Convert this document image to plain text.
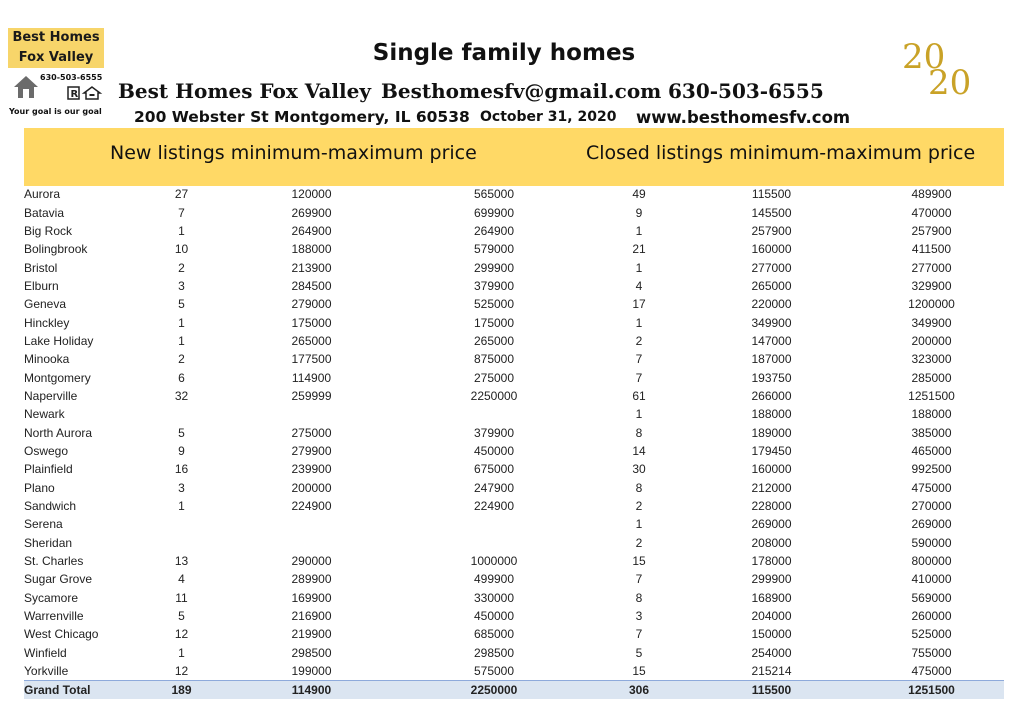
Best Homes
Fox Valley
630-503-6555
R
Your goal is our goal
Single family homes
Best Homes Fox Valley Besthomesfv@gmail.com 630-503-6555
200 Webster St Montgomery, IL 60538 October 31, 2020 www.besthomesfv.com
20
20
New listings minimum-maximum price	Closed listings minimum-maximum price
Aurora	27	120000	565000	49	115500	489900
Batavia	7	269900	699900	9	145500	470000
Big Rock	1	264900	264900	1	257900	257900
Bolingbrook	10	188000	579000	21	160000	411500
Bristol	2	213900	299900	1	277000	277000
Elburn	3	284500	379900	4	265000	329900
Geneva	5	279000	525000	17	220000	1200000
Hinckley	1	175000	175000	1	349900	349900
Lake Holiday	1	265000	265000	2	147000	200000
Minooka	2	177500	875000	7	187000	323000
Montgomery	6	114900	275000	7	193750	285000
Naperville	32	259999	2250000	61	266000	1251500
Newark				1	188000	188000
North Aurora	5	275000	379900	8	189000	385000
Oswego	9	279900	450000	14	179450	465000
Plainfield	16	239900	675000	30	160000	992500
Plano	3	200000	247900	8	212000	475000
Sandwich	1	224900	224900	2	228000	270000
Serena				1	269000	269000
Sheridan				2	208000	590000
St. Charles	13	290000	1000000	15	178000	800000
Sugar Grove	4	289900	499900	7	299900	410000
Sycamore	11	169900	330000	8	168900	569000
Warrenville	5	216900	450000	3	204000	260000
West Chicago	12	219900	685000	7	150000	525000
Winfield	1	298500	298500	5	254000	755000
Yorkville	12	199000	575000	15	215214	475000
Grand Total	189	114900	2250000	306	115500	1251500
